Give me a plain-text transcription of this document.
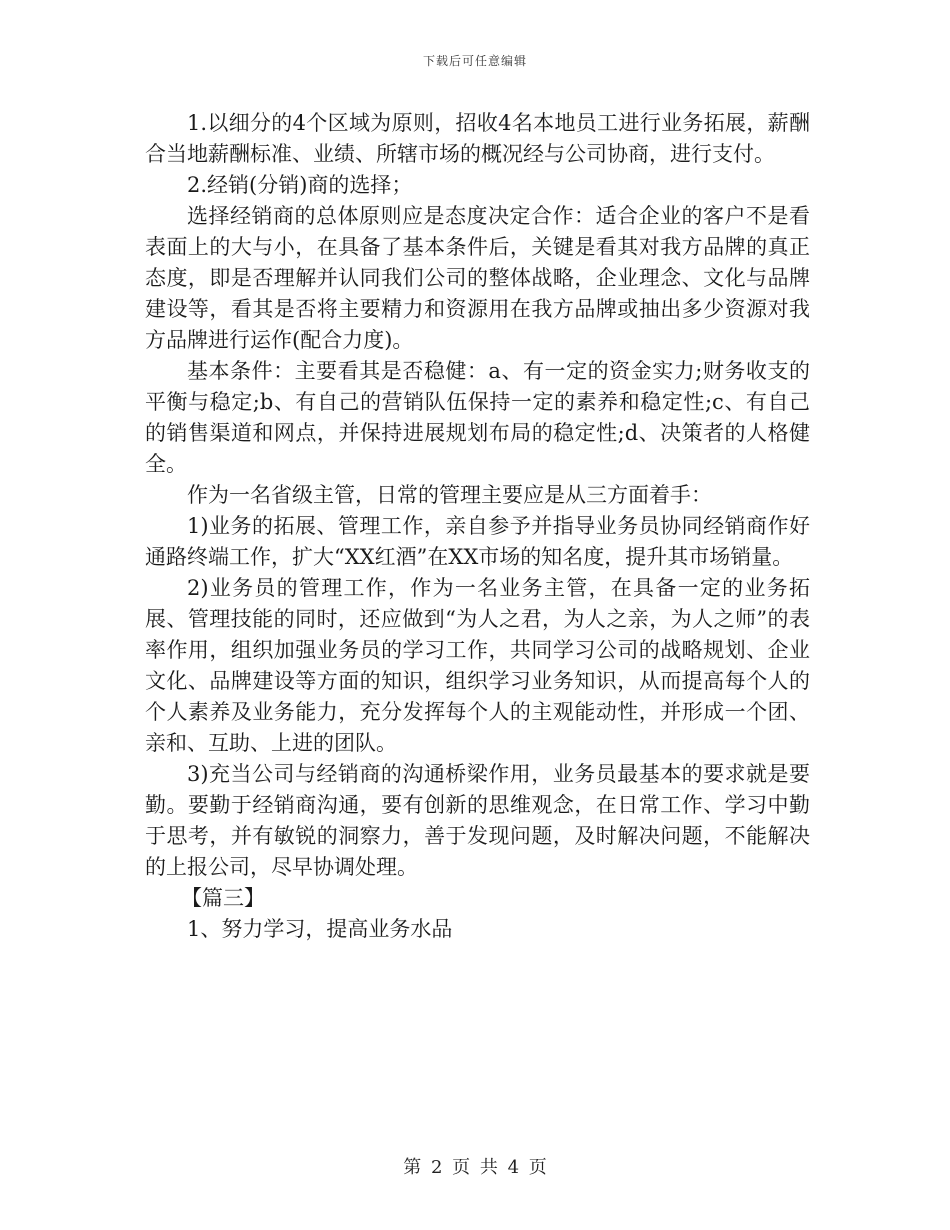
下载后可任意编辑

1.以细分的4个区域为原则，招收4名本地员工进行业务拓展，薪酬合当地薪酬标准、业绩、所辖市场的概况经与公司协商，进行支付。

2.经销(分销)商的选择；

选择经销商的总体原则应是态度决定合作：适合企业的客户不是看表面上的大与小，在具备了基本条件后，关键是看其对我方品牌的真正态度，即是否理解并认同我们公司的整体战略，企业理念、文化与品牌建设等，看其是否将主要精力和资源用在我方品牌或抽出多少资源对我方品牌进行运作(配合力度)。

基本条件：主要看其是否稳健：a、有一定的资金实力;财务收支的平衡与稳定;b、有自己的营销队伍保持一定的素养和稳定性;c、有自己的销售渠道和网点，并保持进展规划布局的稳定性;d、决策者的人格健全。

作为一名省级主管，日常的管理主要应是从三方面着手：

1)业务的拓展、管理工作，亲自参予并指导业务员协同经销商作好通路终端工作，扩大“XX红酒”在XX市场的知名度，提升其市场销量。

2)业务员的管理工作，作为一名业务主管，在具备一定的业务拓展、管理技能的同时，还应做到“为人之君，为人之亲，为人之师”的表率作用，组织加强业务员的学习工作，共同学习公司的战略规划、企业文化、品牌建设等方面的知识，组织学习业务知识，从而提高每个人的个人素养及业务能力，充分发挥每个人的主观能动性，并形成一个团、亲和、互助、上进的团队。

3)充当公司与经销商的沟通桥梁作用，业务员最基本的要求就是要勤。要勤于经销商沟通，要有创新的思维观念，在日常工作、学习中勤于思考，并有敏锐的洞察力，善于发现问题，及时解决问题，不能解决的上报公司，尽早协调处理。

【篇三】

1、努力学习，提高业务水品

第 2 页 共 4 页
